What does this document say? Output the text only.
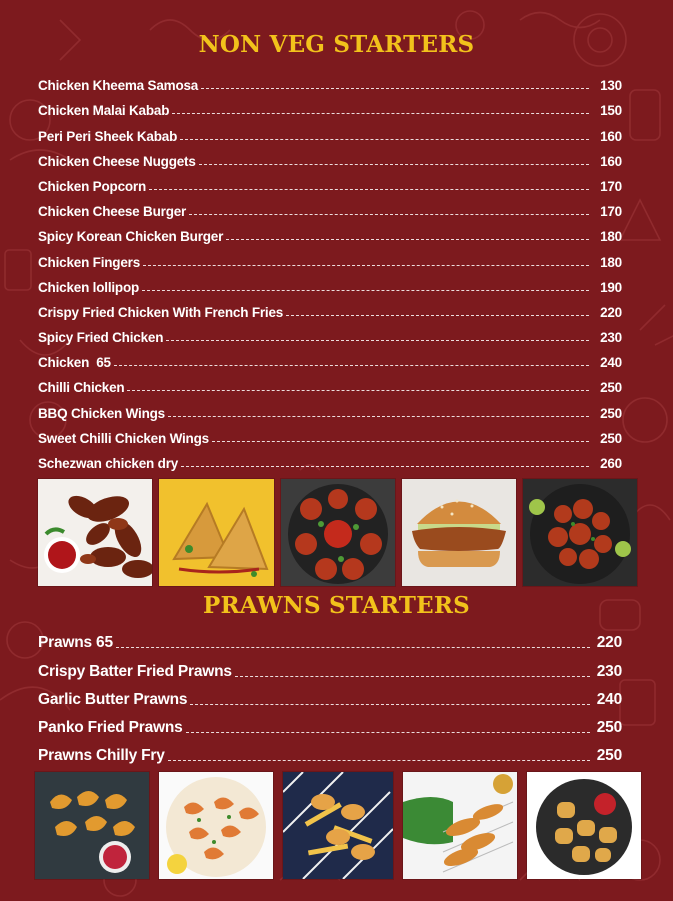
NON VEG STARTERS
Chicken Kheema Samosa	130
Chicken Malai Kabab	150
Peri Peri Sheek Kabab	160
Chicken Cheese Nuggets	160
Chicken Popcorn	170
Chicken Cheese Burger	170
Spicy Korean Chicken Burger	180
Chicken Fingers	180
Chicken lollipop	190
Crispy Fried Chicken With French Fries	220
Spicy Fried Chicken	230
Chicken  65	240
Chilli Chicken	250
BBQ Chicken Wings	250
Sweet Chilli Chicken Wings	250
Schezwan chicken dry	260
PRAWNS STARTERS
Prawns 65	220
Crispy Batter Fried Prawns	230
Garlic Butter Prawns	240
Panko Fried Prawns	250
Prawns Chilly Fry	250
